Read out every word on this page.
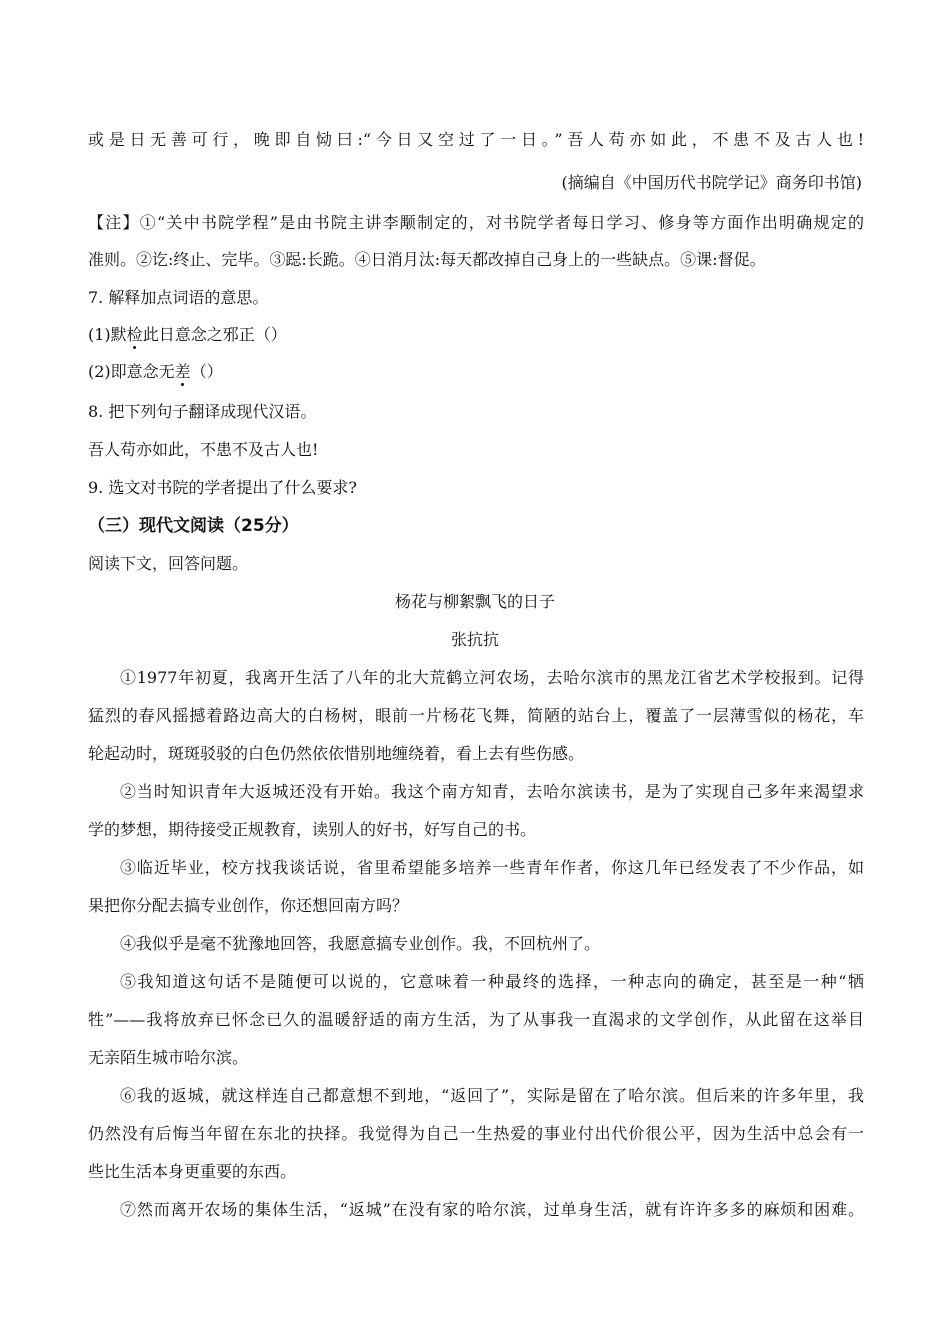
或是日无善可行，晚即自恸曰:“今日又空过了一日。”吾人苟亦如此，不患不及古人也!
(摘编自《中国历代书院学记》商务印书馆)
【注】①“关中书院学程”是由书院主讲李颙制定的，对书院学者每日学习、修身等方面作出明确规定的
准则。②讫:终止、完毕。③跽:长跪。④日消月汰:每天都改掉自己身上的一些缺点。⑤课:督促。
7. 解释加点词语的意思。
(1)默检此日意念之邪正（）
(2)即意念无差（）
8. 把下列句子翻译成现代汉语。
吾人苟亦如此，不患不及古人也!
9. 选文对书院的学者提出了什么要求?
（三）现代文阅读（25分）
阅读下文，回答问题。
杨花与柳絮飘飞的日子
张抗抗
①1977年初夏，我离开生活了八年的北大荒鹤立河农场，去哈尔滨市的黑龙江省艺术学校报到。记得
猛烈的春风摇撼着路边高大的白杨树，眼前一片杨花飞舞，简陋的站台上，覆盖了一层薄雪似的杨花，车
轮起动时，斑斑驳驳的白色仍然依依惜别地缠绕着，看上去有些伤感。
②当时知识青年大返城还没有开始。我这个南方知青，去哈尔滨读书，是为了实现自己多年来渴望求
学的梦想，期待接受正规教育，读别人的好书，好写自己的书。
③临近毕业，校方找我谈话说，省里希望能多培养一些青年作者，你这几年已经发表了不少作品，如
果把你分配去搞专业创作，你还想回南方吗？
④我似乎是毫不犹豫地回答，我愿意搞专业创作。我，不回杭州了。
⑤我知道这句话不是随便可以说的，它意味着一种最终的选择，一种志向的确定，甚至是一种“牺
牲”——我将放弃已怀念已久的温暖舒适的南方生活，为了从事我一直渴求的文学创作，从此留在这举目
无亲陌生城市哈尔滨。
⑥我的返城，就这样连自己都意想不到地，“返回了”，实际是留在了哈尔滨。但后来的许多年里，我
仍然没有后悔当年留在东北的抉择。我觉得为自己一生热爱的事业付出代价很公平，因为生活中总会有一
些比生活本身更重要的东西。
⑦然而离开农场的集体生活，“返城”在没有家的哈尔滨，过单身生活，就有许许多多的麻烦和困难。
